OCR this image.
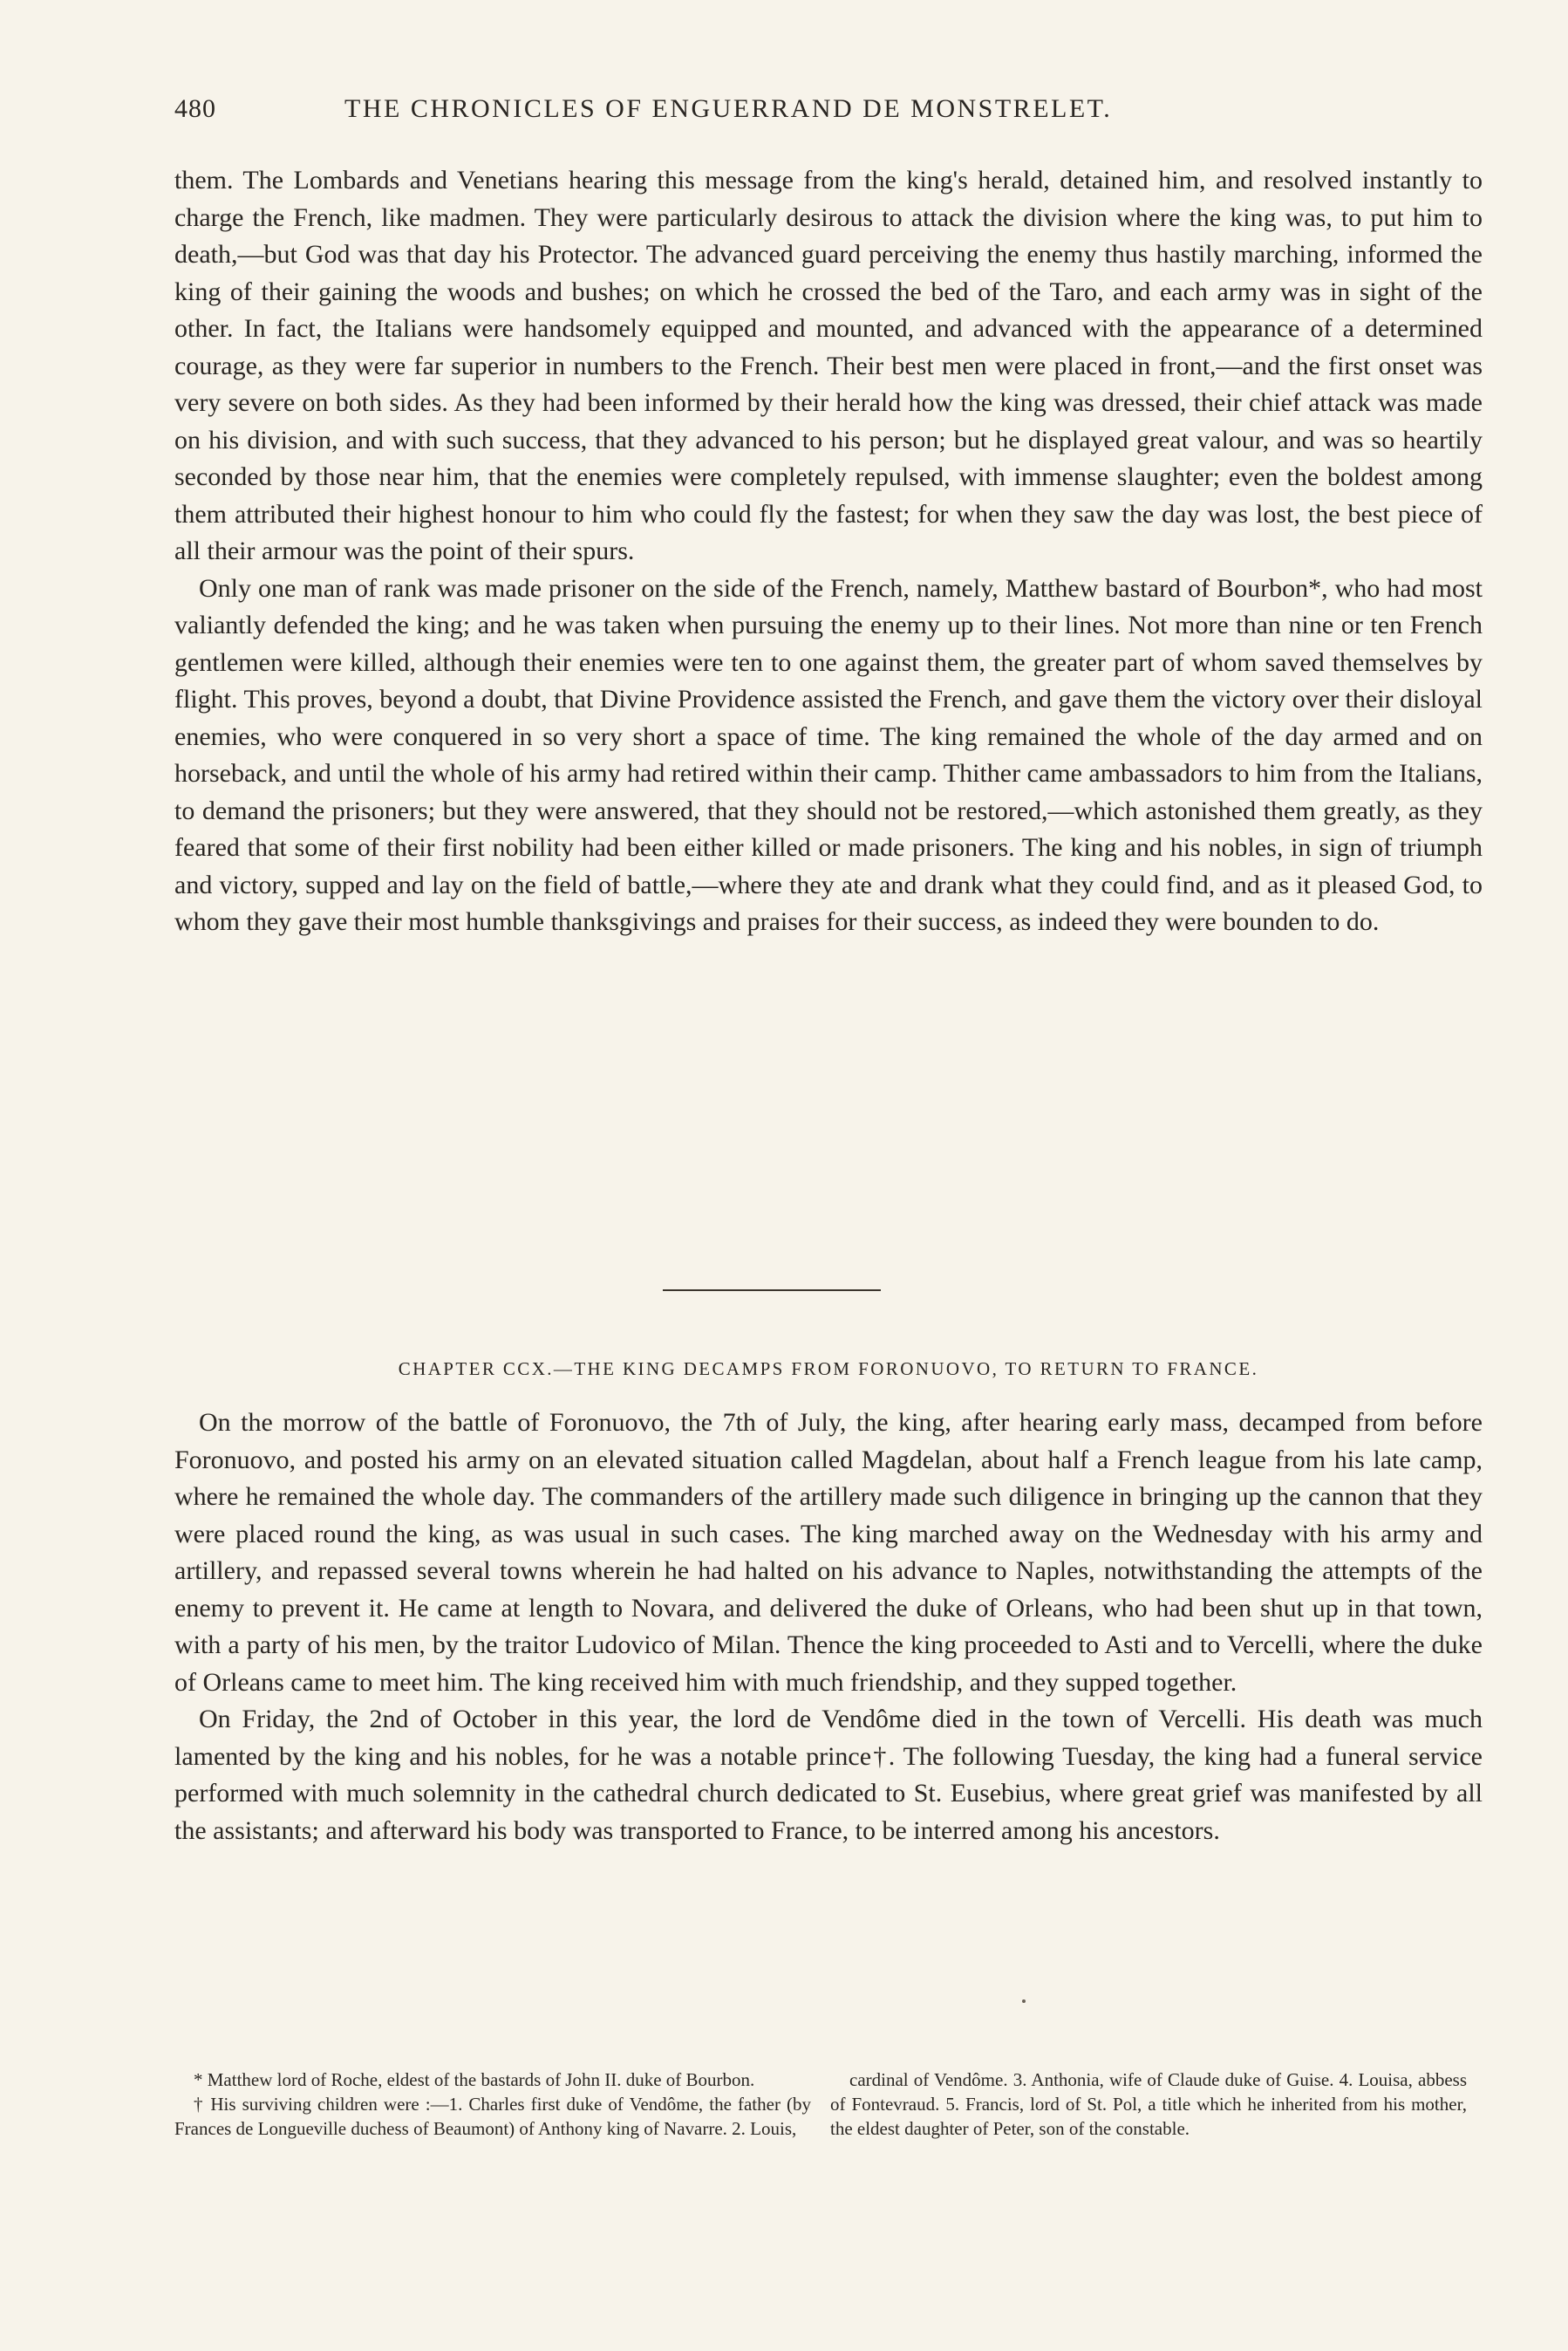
480	THE CHRONICLES OF ENGUERRAND DE MONSTRELET.

them. The Lombards and Venetians hearing this message from the king's herald, detained him, and resolved instantly to charge the French, like madmen. They were particularly desirous to attack the division where the king was, to put him to death,—but God was that day his Protector. The advanced guard perceiving the enemy thus hastily marching, informed the king of their gaining the woods and bushes; on which he crossed the bed of the Taro, and each army was in sight of the other. In fact, the Italians were handsomely equipped and mounted, and advanced with the appearance of a determined courage, as they were far superior in numbers to the French. Their best men were placed in front,—and the first onset was very severe on both sides. As they had been informed by their herald how the king was dressed, their chief attack was made on his division, and with such success, that they advanced to his person; but he displayed great valour, and was so heartily seconded by those near him, that the enemies were completely repulsed, with immense slaughter; even the boldest among them attributed their highest honour to him who could fly the fastest; for when they saw the day was lost, the best piece of all their armour was the point of their spurs.

Only one man of rank was made prisoner on the side of the French, namely, Matthew bastard of Bourbon*, who had most valiantly defended the king; and he was taken when pursuing the enemy up to their lines. Not more than nine or ten French gentlemen were killed, although their enemies were ten to one against them, the greater part of whom saved themselves by flight. This proves, beyond a doubt, that Divine Providence assisted the French, and gave them the victory over their disloyal enemies, who were conquered in so very short a space of time. The king remained the whole of the day armed and on horseback, and until the whole of his army had retired within their camp. Thither came ambassadors to him from the Italians, to demand the prisoners; but they were answered, that they should not be restored,—which astonished them greatly, as they feared that some of their first nobility had been either killed or made prisoners. The king and his nobles, in sign of triumph and victory, supped and lay on the field of battle,—where they ate and drank what they could find, and as it pleased God, to whom they gave their most humble thanksgivings and praises for their success, as indeed they were bounden to do.

CHAPTER CCX.—THE KING DECAMPS FROM FORONUOVO, TO RETURN TO FRANCE.

On the morrow of the battle of Foronuovo, the 7th of July, the king, after hearing early mass, decamped from before Foronuovo, and posted his army on an elevated situation called Magdelan, about half a French league from his late camp, where he remained the whole day. The commanders of the artillery made such diligence in bringing up the cannon that they were placed round the king, as was usual in such cases. The king marched away on the Wednesday with his army and artillery, and repassed several towns wherein he had halted on his advance to Naples, notwithstanding the attempts of the enemy to prevent it. He came at length to Novara, and delivered the duke of Orleans, who had been shut up in that town, with a party of his men, by the traitor Ludovico of Milan. Thence the king proceeded to Asti and to Vercelli, where the duke of Orleans came to meet him. The king received him with much friendship, and they supped together.

On Friday, the 2nd of October in this year, the lord de Vendôme died in the town of Vercelli. His death was much lamented by the king and his nobles, for he was a notable prince†. The following Tuesday, the king had a funeral service performed with much solemnity in the cathedral church dedicated to St. Eusebius, where great grief was manifested by all the assistants; and afterward his body was transported to France, to be interred among his ancestors.

* Matthew lord of Roche, eldest of the bastards of John II. duke of Bourbon.

† His surviving children were :—1. Charles first duke of Vendôme, the father (by Frances de Longueville duchess of Beaumont) of Anthony king of Navarre. 2. Louis,

cardinal of Vendôme. 3. Anthonia, wife of Claude duke of Guise. 4. Louisa, abbess of Fontevraud. 5. Francis, lord of St. Pol, a title which he inherited from his mother, the eldest daughter of Peter, son of the constable.
